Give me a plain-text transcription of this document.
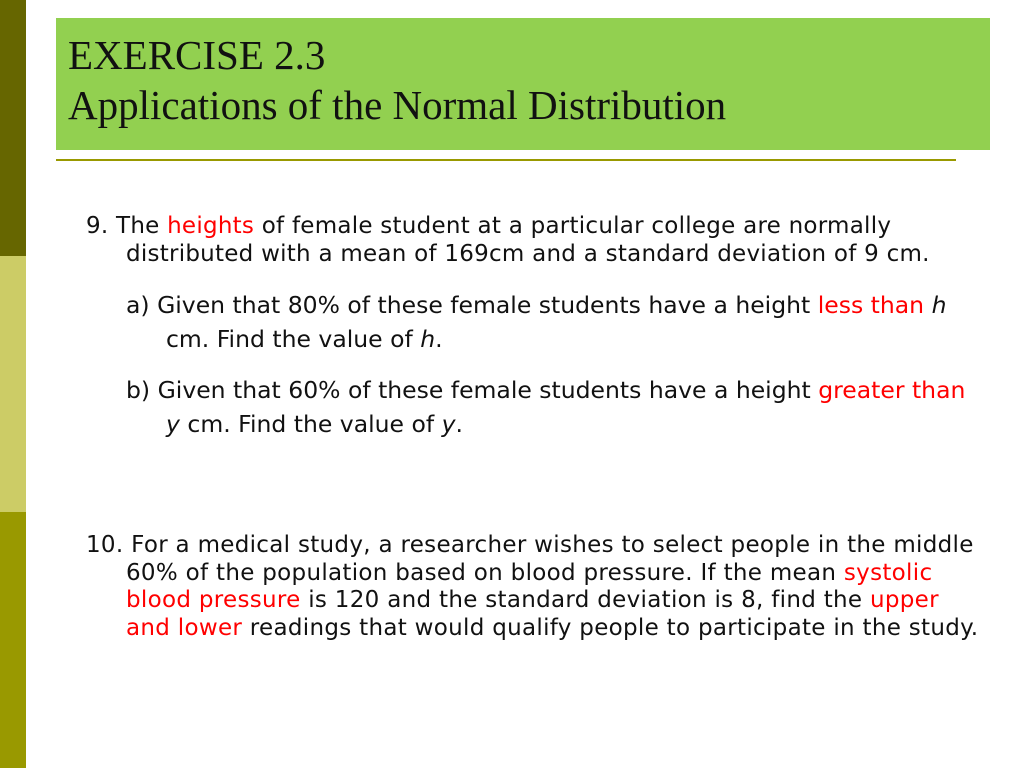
EXERCISE 2.3
Applications of the Normal Distribution

9. The heights of female student at a particular college are normally distributed with a mean of 169cm and a standard deviation of 9 cm.

a) Given that 80% of these female students have a height less than h cm. Find the value of h.

b) Given that 60% of these female students have a height greater than y cm. Find the value of y.

10. For a medical study, a researcher wishes to select people in the middle 60% of the population based on blood pressure. If the mean systolic blood pressure is 120 and the standard deviation is 8, find the upper and lower readings that would qualify people to participate in the study.
